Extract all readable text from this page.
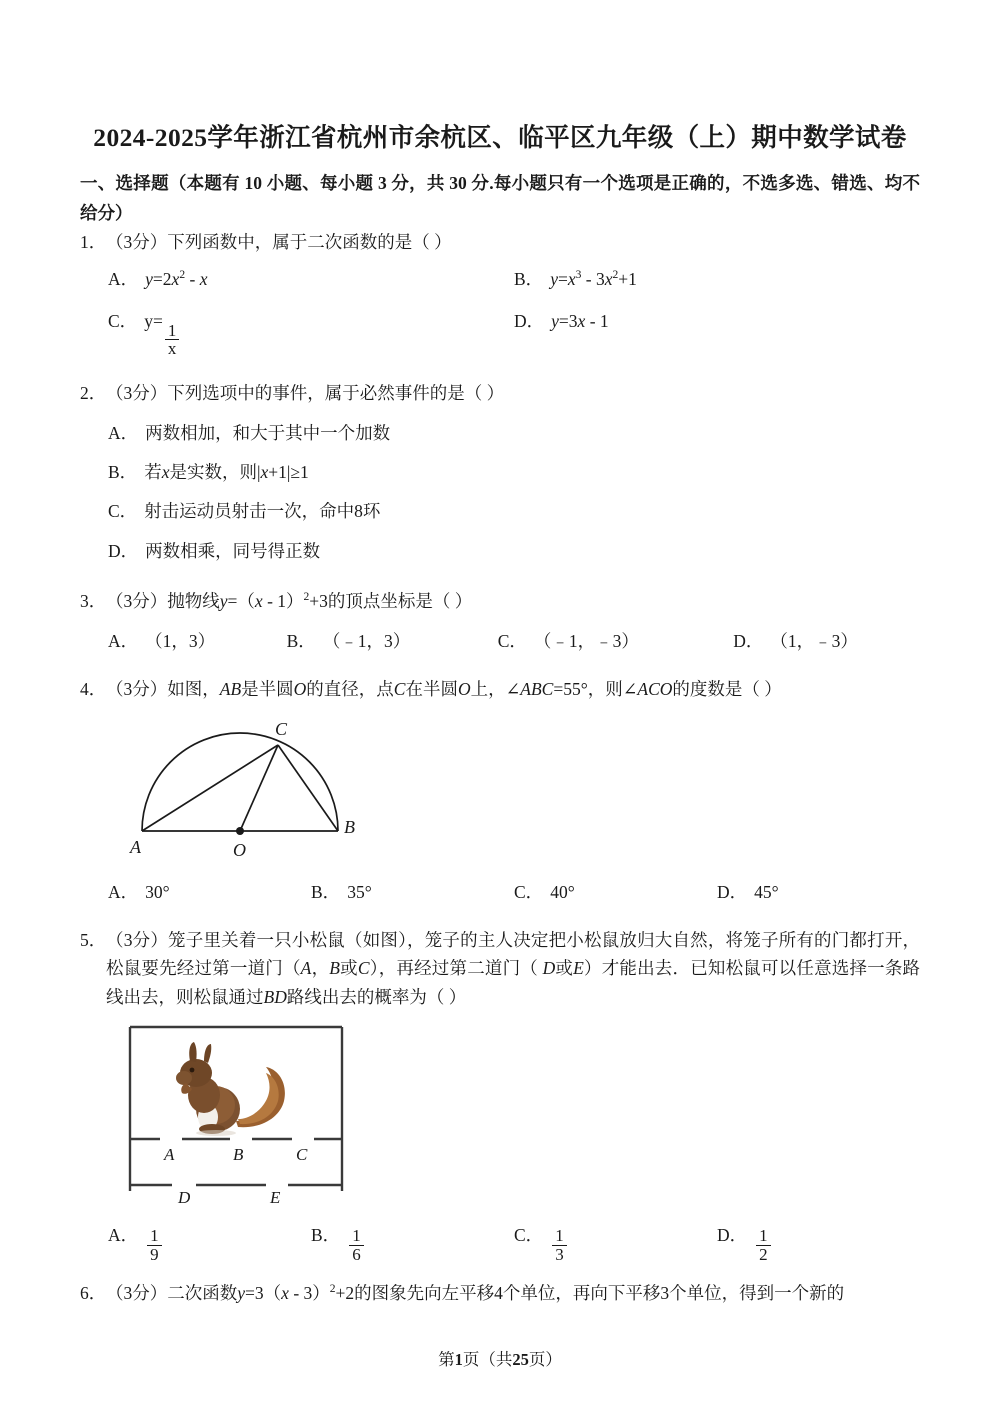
2024-2025学年浙江省杭州市余杭区、临平区九年级（上）期中数学试卷
一、选择题（本题有 10 小题、每小题 3 分，共 30 分.每小题只有一个选项是正确的，不选多选、错选、均不给分）
1． （3分）下列函数中，属于二次函数的是（ ）
A． $y=2x^2 - x$	B． $y=x^3 - 3x^2+1$
C． y=
$\frac{1}{x}$
D． y=3x - 1
2． （3分）下列选项中的事件，属于必然事件的是（ ）
A． 两数相加，和大于其中一个加数
B． 若x是实数，则|x+1|≥1
C． 射击运动员射击一次，命中8环
D． 两数相乘，同号得正数
3． （3分）抛物线y=（x - 1）$^2$+3的顶点坐标是（ ）
A． （1，3）	B． （﹣1，3）	C． （﹣1，﹣3）	D． （1，﹣3）
4． （3分）如图，AB是半圆O的直径，点C在半圆O上，∠ABC=55°，则∠ACO的度数是（ ）
C
A	O
B
A． 30°	B． 35°	C． 40°	D． 45°
5． （3分）笼子里关着一只小松鼠（如图），笼子的主人决定把小松鼠放归大自然，将笼子所有的门都打开，松鼠要先经过第一道门（A，B或C），再经过第二道门（ D或E）才能出去．已知松鼠可以任意选择一条路线出去，则松鼠通过BD路线出去的概率为（ ）
A	B	C
D	E
A． $\frac{1}{9}$	B． $\frac{1}{6}$	C． $\frac{1}{3}$	D． $\frac{1}{2}$
6． （3分）二次函数y=3（x - 3）$^2$+2的图象先向左平移4个单位，再向下平移3个单位，得到一个新的
第1页（共25页）
